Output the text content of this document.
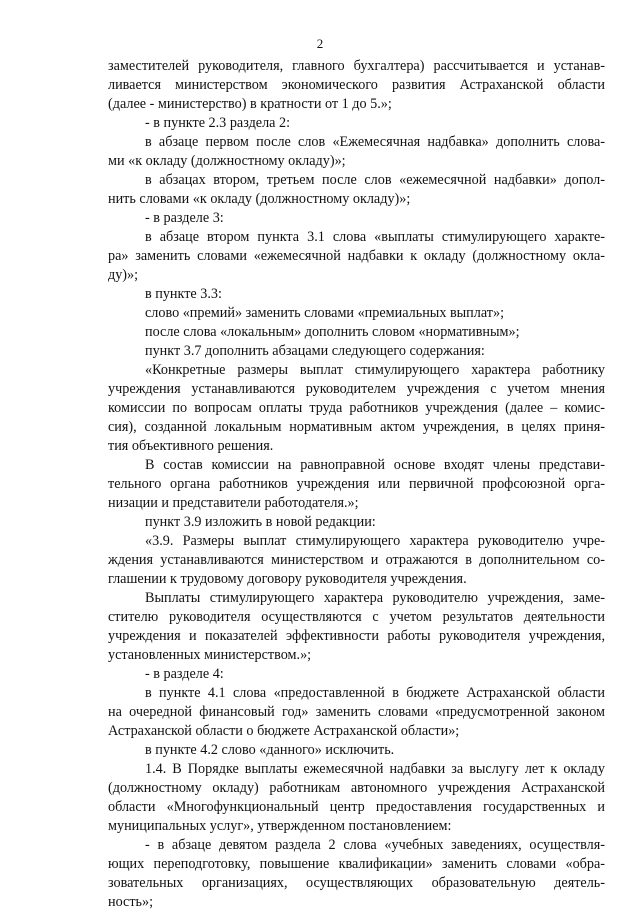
2

заместителей руководителя, главного бухгалтера) рассчитывается и устанав-

ливается министерством экономического развития Астраханской области

(далее - министерство) в кратности от 1 до 5.»;

- в пункте 2.3 раздела 2:

в абзаце первом после слов «Ежемесячная надбавка» дополнить слова-

ми «к окладу (должностному окладу)»;

в абзацах втором, третьем после слов «ежемесячной надбавки» допол-

нить словами «к окладу (должностному окладу)»;

- в разделе 3:

в абзаце втором пункта 3.1 слова «выплаты стимулирующего характе-

ра» заменить словами «ежемесячной надбавки к окладу (должностному окла-

ду)»;

в пункте 3.3:

слово «премий» заменить словами «премиальных выплат»;

после слова «локальным» дополнить словом «нормативным»;

пункт 3.7 дополнить абзацами следующего содержания:

«Конкретные размеры выплат стимулирующего характера работнику

учреждения устанавливаются руководителем учреждения с учетом мнения

комиссии по вопросам оплаты труда работников учреждения (далее – комис-

сия), созданной локальным нормативным актом учреждения, в целях приня-

тия объективного решения.

В состав комиссии на равноправной основе входят члены представи-

тельного органа работников учреждения или первичной профсоюзной орга-

низации и представители работодателя.»;

пункт 3.9 изложить в новой редакции:

«3.9. Размеры выплат стимулирующего характера руководителю учре-

ждения устанавливаются министерством и отражаются в дополнительном со-

глашении к трудовому договору руководителя учреждения.

Выплаты стимулирующего характера руководителю учреждения, заме-

стителю руководителя осуществляются с учетом результатов деятельности

учреждения и показателей эффективности работы руководителя учреждения,

установленных министерством.»;

- в разделе 4:

в пункте 4.1 слова «предоставленной в бюджете Астраханской области

на очередной финансовый год» заменить словами «предусмотренной законом

Астраханской области о бюджете Астраханской области»;

в пункте 4.2 слово «данного» исключить.

1.4. В Порядке выплаты ежемесячной надбавки за выслугу лет к окладу

(должностному окладу) работникам автономного учреждения Астраханской

области «Многофункциональный центр предоставления государственных и

муниципальных услуг», утвержденном постановлением:

- в абзаце девятом раздела 2 слова «учебных заведениях, осуществля-

ющих переподготовку, повышение квалификации» заменить словами «обра-

зовательных организациях, осуществляющих образовательную деятель-

ность»;
